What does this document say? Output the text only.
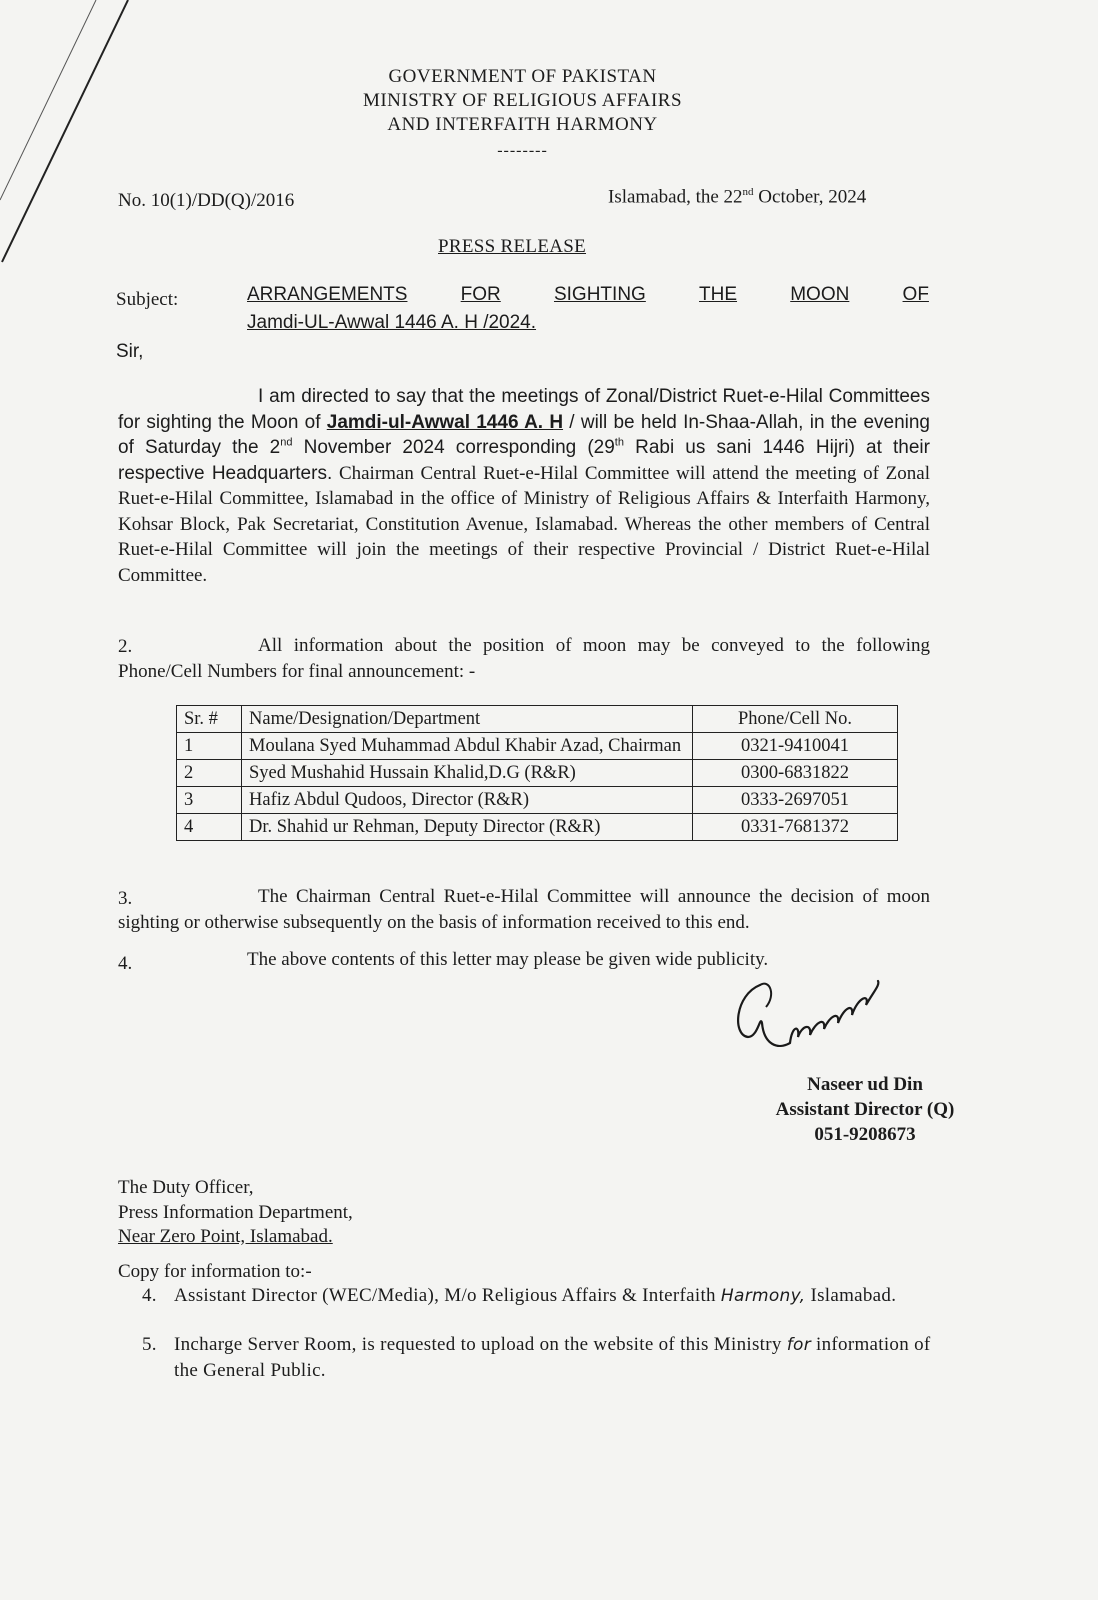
GOVERNMENT OF PAKISTAN
MINISTRY OF RELIGIOUS AFFAIRS
AND INTERFAITH HARMONY
--------
No. 10(1)/DD(Q)/2016	Islamabad, the 22nd October, 2024
PRESS RELEASE
Subject:	ARRANGEMENTS	FOR	SIGHTING	THE	MOON	OF
Jamdi-UL-Awwal 1446 A. H /2024.
Sir,
I am directed to say that the meetings of Zonal/District Ruet-e-Hilal Committees for sighting the Moon of Jamdi-ul-Awwal 1446 A. H / will be held In-Shaa-Allah, in the evening of Saturday the 2nd November 2024 corresponding (29th Rabi us sani 1446 Hijri) at their respective Headquarters. Chairman Central Ruet-e-Hilal Committee will attend the meeting of Zonal Ruet-e-Hilal Committee, Islamabad in the office of Ministry of Religious Affairs & Interfaith Harmony, Kohsar Block, Pak Secretariat, Constitution Avenue, Islamabad. Whereas the other members of Central Ruet-e-Hilal Committee will join the meetings of their respective Provincial / District Ruet-e-Hilal Committee.
2.	All information about the position of moon may be conveyed to the following Phone/Cell Numbers for final announcement: -
Sr. #	Name/Designation/Department	Phone/Cell No.
1	Moulana Syed Muhammad Abdul Khabir Azad, Chairman	0321-9410041
2	Syed Mushahid Hussain Khalid,D.G (R&R)	0300-6831822
3	Hafiz Abdul Qudoos, Director (R&R)	0333-2697051
4	Dr. Shahid ur Rehman, Deputy Director (R&R)	0331-7681372
3.	The Chairman Central Ruet-e-Hilal Committee will announce the decision of moon sighting or otherwise subsequently on the basis of information received to this end.
4.	The above contents of this letter may please be given wide publicity.
Naseer ud Din
Assistant Director (Q)
051-9208673
The Duty Officer,
Press Information Department,
Near Zero Point, Islamabad.
Copy for information to:-
4. Assistant Director (WEC/Media), M/o Religious Affairs & Interfaith Harmony, Islamabad.
5. Incharge Server Room, is requested to upload on the website of this Ministry for information of the General Public.
